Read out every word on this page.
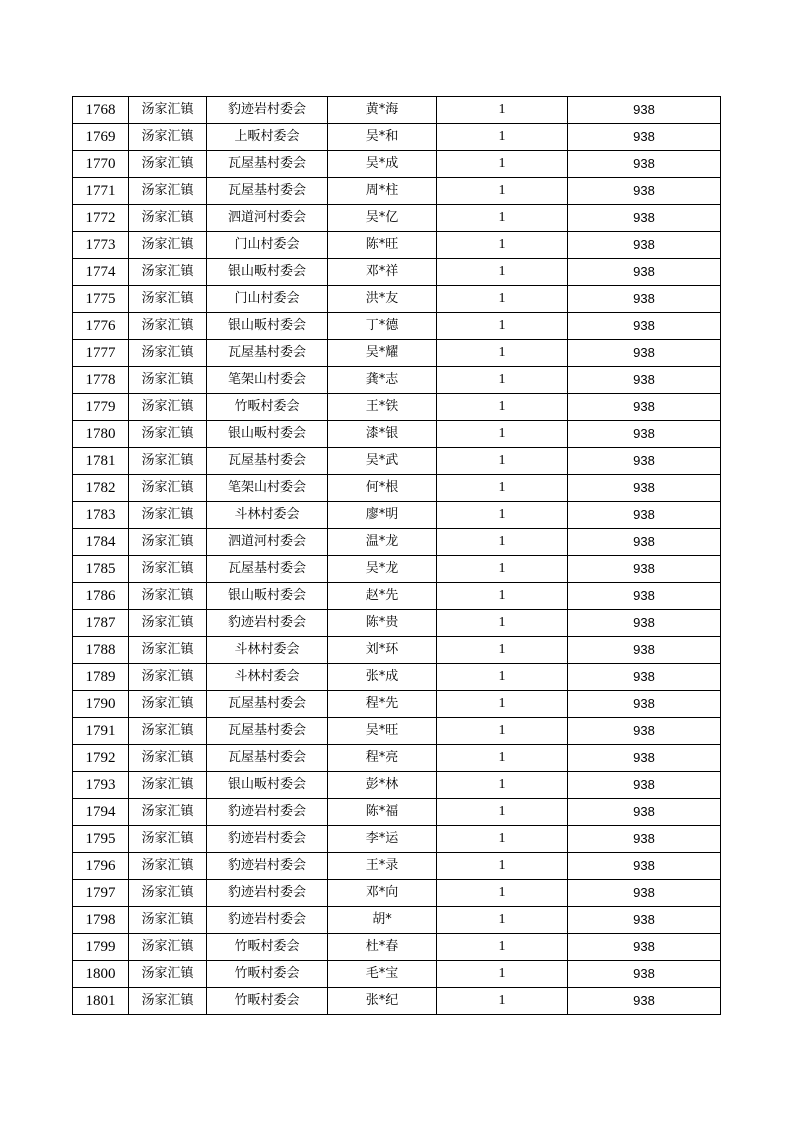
1768	汤家汇镇	豹迹岩村委会	黄*海	1	938
1769	汤家汇镇	上畈村委会	吴*和	1	938
1770	汤家汇镇	瓦屋基村委会	吴*成	1	938
1771	汤家汇镇	瓦屋基村委会	周*柱	1	938
1772	汤家汇镇	泗道河村委会	吴*亿	1	938
1773	汤家汇镇	门山村委会	陈*旺	1	938
1774	汤家汇镇	银山畈村委会	邓*祥	1	938
1775	汤家汇镇	门山村委会	洪*友	1	938
1776	汤家汇镇	银山畈村委会	丁*德	1	938
1777	汤家汇镇	瓦屋基村委会	吴*耀	1	938
1778	汤家汇镇	笔架山村委会	龚*志	1	938
1779	汤家汇镇	竹畈村委会	王*铁	1	938
1780	汤家汇镇	银山畈村委会	漆*银	1	938
1781	汤家汇镇	瓦屋基村委会	吴*武	1	938
1782	汤家汇镇	笔架山村委会	何*根	1	938
1783	汤家汇镇	斗林村委会	廖*明	1	938
1784	汤家汇镇	泗道河村委会	温*龙	1	938
1785	汤家汇镇	瓦屋基村委会	吴*龙	1	938
1786	汤家汇镇	银山畈村委会	赵*先	1	938
1787	汤家汇镇	豹迹岩村委会	陈*贵	1	938
1788	汤家汇镇	斗林村委会	刘*环	1	938
1789	汤家汇镇	斗林村委会	张*成	1	938
1790	汤家汇镇	瓦屋基村委会	程*先	1	938
1791	汤家汇镇	瓦屋基村委会	吴*旺	1	938
1792	汤家汇镇	瓦屋基村委会	程*亮	1	938
1793	汤家汇镇	银山畈村委会	彭*林	1	938
1794	汤家汇镇	豹迹岩村委会	陈*福	1	938
1795	汤家汇镇	豹迹岩村委会	李*运	1	938
1796	汤家汇镇	豹迹岩村委会	王*录	1	938
1797	汤家汇镇	豹迹岩村委会	邓*向	1	938
1798	汤家汇镇	豹迹岩村委会	胡*	1	938
1799	汤家汇镇	竹畈村委会	杜*春	1	938
1800	汤家汇镇	竹畈村委会	毛*宝	1	938
1801	汤家汇镇	竹畈村委会	张*纪	1	938
